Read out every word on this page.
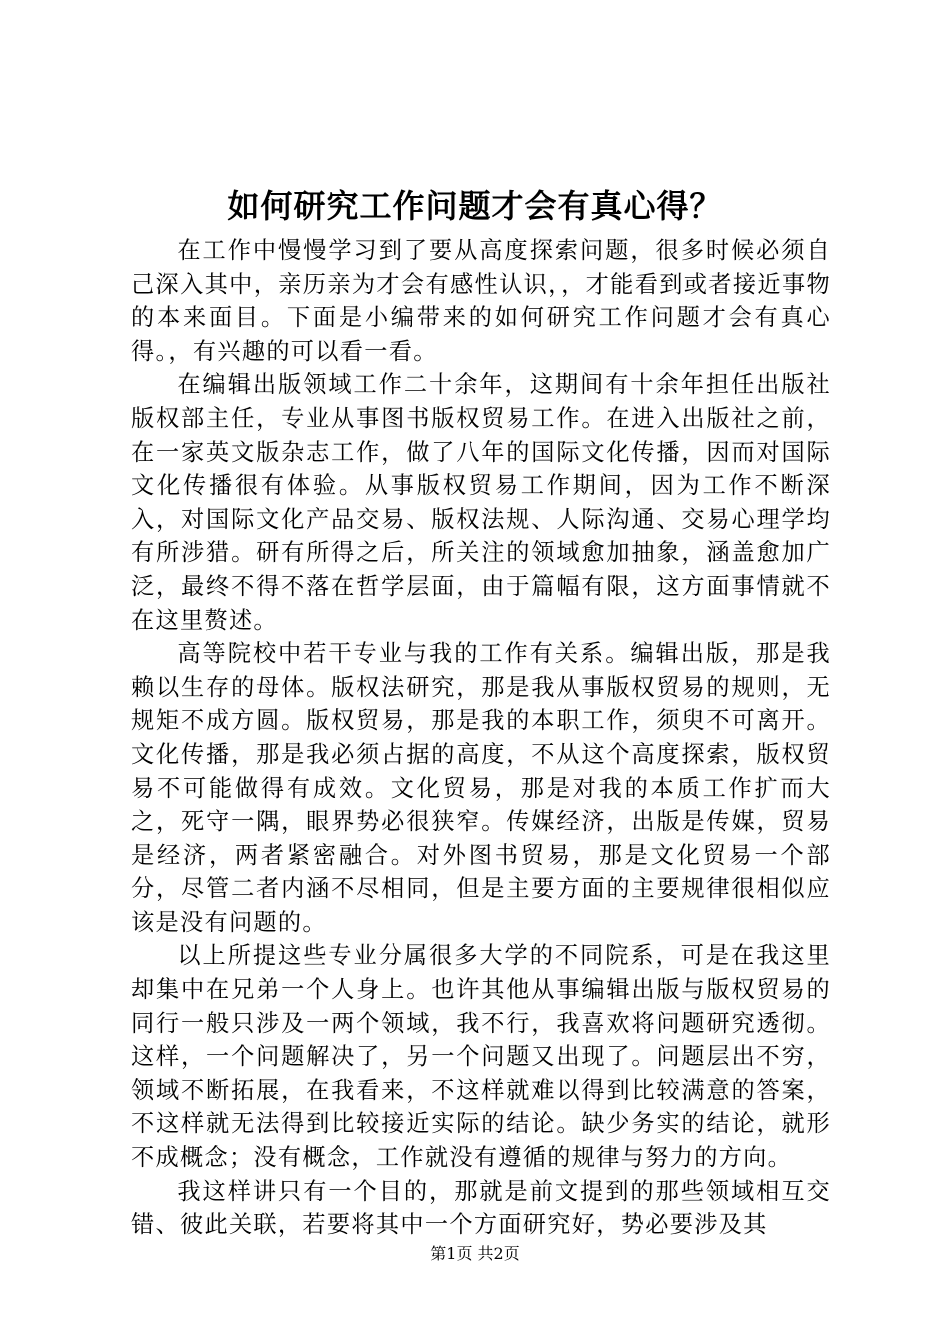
如何研究工作问题才会有真心得？

在工作中慢慢学习到了要从高度探索问题，很多时候必须自己深入其中，亲历亲为才会有感性认识，，才能看到或者接近事物的本来面目。下面是小编带来的如何研究工作问题才会有真心得。，有兴趣的可以看一看。

在编辑出版领域工作二十余年，这期间有十余年担任出版社版权部主任，专业从事图书版权贸易工作。在进入出版社之前，在一家英文版杂志工作，做了八年的国际文化传播，因而对国际文化传播很有体验。从事版权贸易工作期间，因为工作不断深入，对国际文化产品交易、版权法规、人际沟通、交易心理学均有所涉猎。研有所得之后，所关注的领域愈加抽象，涵盖愈加广泛，最终不得不落在哲学层面，由于篇幅有限，这方面事情就不在这里赘述。

高等院校中若干专业与我的工作有关系。编辑出版，那是我赖以生存的母体。版权法研究，那是我从事版权贸易的规则，无规矩不成方圆。版权贸易，那是我的本职工作，须臾不可离开。文化传播，那是我必须占据的高度，不从这个高度探索，版权贸易不可能做得有成效。文化贸易，那是对我的本质工作扩而大之，死守一隅，眼界势必很狭窄。传媒经济，出版是传媒，贸易是经济，两者紧密融合。对外图书贸易，那是文化贸易一个部分，尽管二者内涵不尽相同，但是主要方面的主要规律很相似应该是没有问题的。

以上所提这些专业分属很多大学的不同院系，可是在我这里却集中在兄弟一个人身上。也许其他从事编辑出版与版权贸易的同行一般只涉及一两个领域，我不行，我喜欢将问题研究透彻。这样，一个问题解决了，另一个问题又出现了。问题层出不穷，领域不断拓展，在我看来，不这样就难以得到比较满意的答案，不这样就无法得到比较接近实际的结论。缺少务实的结论，就形不成概念；没有概念，工作就没有遵循的规律与努力的方向。

我这样讲只有一个目的，那就是前文提到的那些领域相互交错、彼此关联，若要将其中一个方面研究好，势必要涉及其

第1页 共2页
